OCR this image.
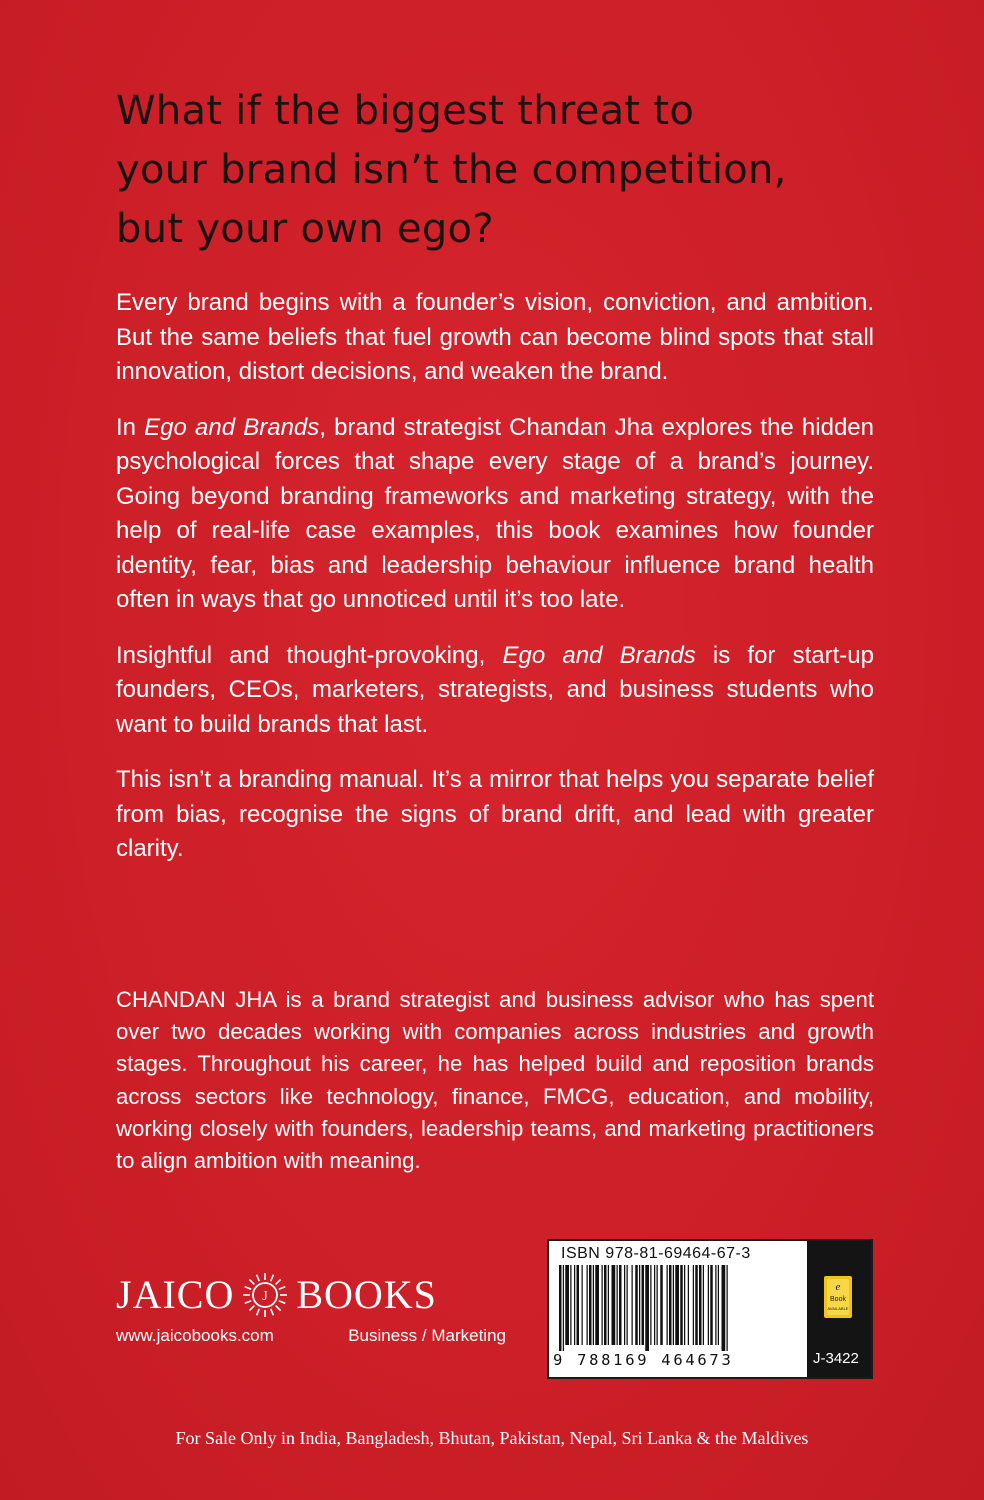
What if the biggest threat to
your brand isn’t the competition,
but your own ego?

Every brand begins with a founder’s vision, conviction, and ambition. But the same beliefs that fuel growth can become blind spots that stall innovation, distort decisions, and weaken the brand.

In Ego and Brands, brand strategist Chandan Jha explores the hidden psychological forces that shape every stage of a brand’s journey. Going beyond branding frameworks and marketing strategy, with the help of real-life case examples, this book examines how founder identity, fear, bias and leadership behaviour influence brand health often in ways that go unnoticed until it’s too late.

Insightful and thought-provoking, Ego and Brands is for start-up founders, CEOs, marketers, strategists, and business students who want to build brands that last.

This isn’t a branding manual. It’s a mirror that helps you separate belief from bias, recognise the signs of brand drift, and lead with greater clarity.

CHANDAN JHA is a brand strategist and business advisor who has spent over two decades working with companies across industries and growth stages. Throughout his career, he has helped build and reposition brands across sectors like technology, finance, FMCG, education, and mobility, working closely with founders, leadership teams, and marketing practitioners to align ambition with meaning.

JAICO J BOOKS
www.jaicobooks.com	Business / Marketing
ISBN 978-81-69464-67-3
9 788169 464673
e
Book
AVAILABLE
J-3422
For Sale Only in India, Bangladesh, Bhutan, Pakistan, Nepal, Sri Lanka & the Maldives
